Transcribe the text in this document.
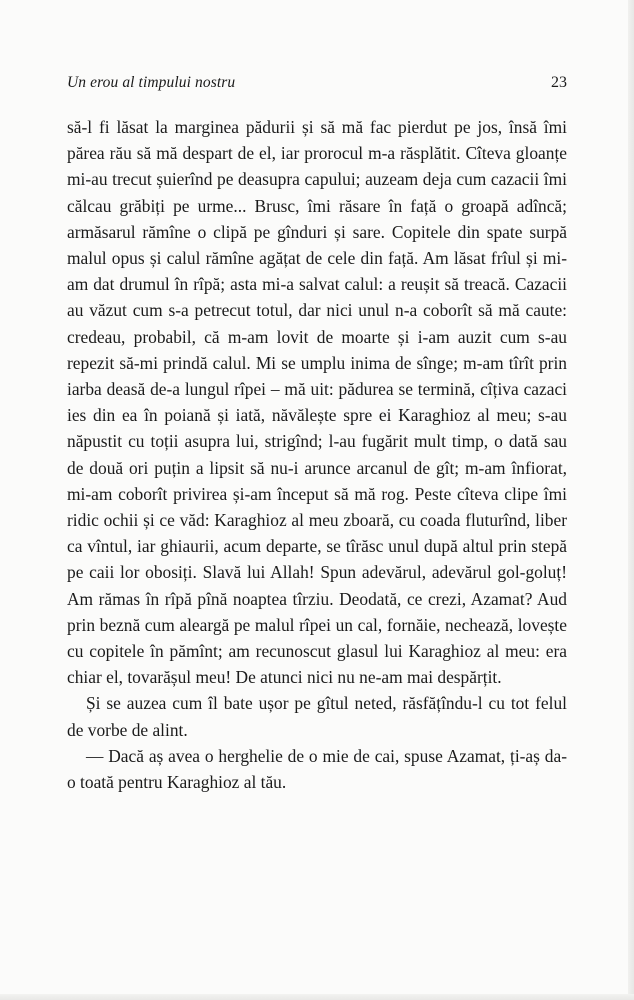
Un erou al timpului nostru	23

să-l fi lăsat la marginea pădurii și să mă fac pierdut pe jos, însă îmi părea rău să mă despart de el, iar prorocul m-a răsplătit. Cîteva gloanțe mi-au trecut șuierînd pe deasupra capului; auzeam deja cum cazacii îmi călcau grăbiți pe urme... Brusc, îmi răsare în față o groapă adîncă; armăsarul rămîne o clipă pe gînduri și sare. Copitele din spate surpă malul opus și calul rămîne agățat de cele din față. Am lăsat frîul și mi-am dat drumul în rîpă; asta mi-a salvat calul: a reușit să treacă. Cazacii au văzut cum s-a petrecut totul, dar nici unul n-a coborît să mă caute: credeau, probabil, că m-am lovit de moarte și i-am auzit cum s-au repezit să-mi prindă calul. Mi se umplu inima de sînge; m-am tîrît prin iarba deasă de-a lungul rîpei – mă uit: pădurea se termină, cîțiva cazaci ies din ea în poiană și iată, năvălește spre ei Karaghioz al meu; s-au năpustit cu toții asupra lui, strigînd; l-au fugărit mult timp, o dată sau de două ori puțin a lipsit să nu-i arunce arcanul de gît; m-am înfiorat, mi-am coborît privirea și-am început să mă rog. Peste cîteva clipe îmi ridic ochii și ce văd: Karaghioz al meu zboară, cu coada fluturînd, liber ca vîntul, iar ghiaurii, acum departe, se tîrăsc unul după altul prin stepă pe caii lor obosiți. Slavă lui Allah! Spun adevărul, adevărul gol-goluț! Am rămas în rîpă pînă noaptea tîrziu. Deodată, ce crezi, Azamat? Aud prin beznă cum aleargă pe malul rîpei un cal, fornăie, nechează, lovește cu copitele în pămînt; am recunoscut glasul lui Karaghioz al meu: era chiar el, tovarășul meu! De atunci nici nu ne-am mai despărțit.

Și se auzea cum îl bate ușor pe gîtul neted, răsfățîndu-l cu tot felul de vorbe de alint.

— Dacă aș avea o herghelie de o mie de cai, spuse Azamat, ți-aș da-o toată pentru Karaghioz al tău.
